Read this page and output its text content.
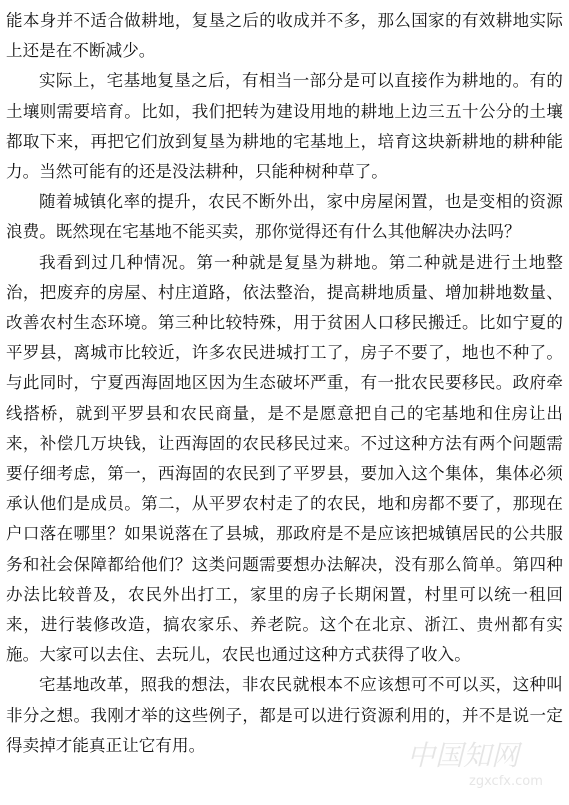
能本身并不适合做耕地，复垦之后的收成并不多，那么国家的有效耕地实际上还是在不断减少。

实际上，宅基地复垦之后，有相当一部分是可以直接作为耕地的。有的土壤则需要培育。比如，我们把转为建设用地的耕地上边三五十公分的土壤都取下来，再把它们放到复垦为耕地的宅基地上，培育这块新耕地的耕种能力。当然可能有的还是没法耕种，只能种树种草了。

随着城镇化率的提升，农民不断外出，家中房屋闲置，也是变相的资源浪费。既然现在宅基地不能买卖，那你觉得还有什么其他解决办法吗？

我看到过几种情况。第一种就是复垦为耕地。第二种就是进行土地整治，把废弃的房屋、村庄道路，依法整治，提高耕地质量、增加耕地数量、改善农村生态环境。第三种比较特殊，用于贫困人口移民搬迁。比如宁夏的平罗县，离城市比较近，许多农民进城打工了，房子不要了，地也不种了。与此同时，宁夏西海固地区因为生态破坏严重，有一批农民要移民。政府牵线搭桥，就到平罗县和农民商量，是不是愿意把自己的宅基地和住房让出来，补偿几万块钱，让西海固的农民移民过来。不过这种方法有两个问题需要仔细考虑，第一，西海固的农民到了平罗县，要加入这个集体，集体必须承认他们是成员。第二，从平罗农村走了的农民，地和房都不要了，那现在户口落在哪里？如果说落在了县城，那政府是不是应该把城镇居民的公共服务和社会保障都给他们？这类问题需要想办法解决，没有那么简单。第四种办法比较普及，农民外出打工，家里的房子长期闲置，村里可以统一租回来，进行装修改造，搞农家乐、养老院。这个在北京、浙江、贵州都有实施。大家可以去住、去玩儿，农民也通过这种方式获得了收入。

宅基地改革，照我的想法，非农民就根本不应该想可不可以买，这种叫非分之想。我刚才举的这些例子，都是可以进行资源利用的，并不是说一定得卖掉才能真正让它有用。	中国知网
zgxcfx.com
